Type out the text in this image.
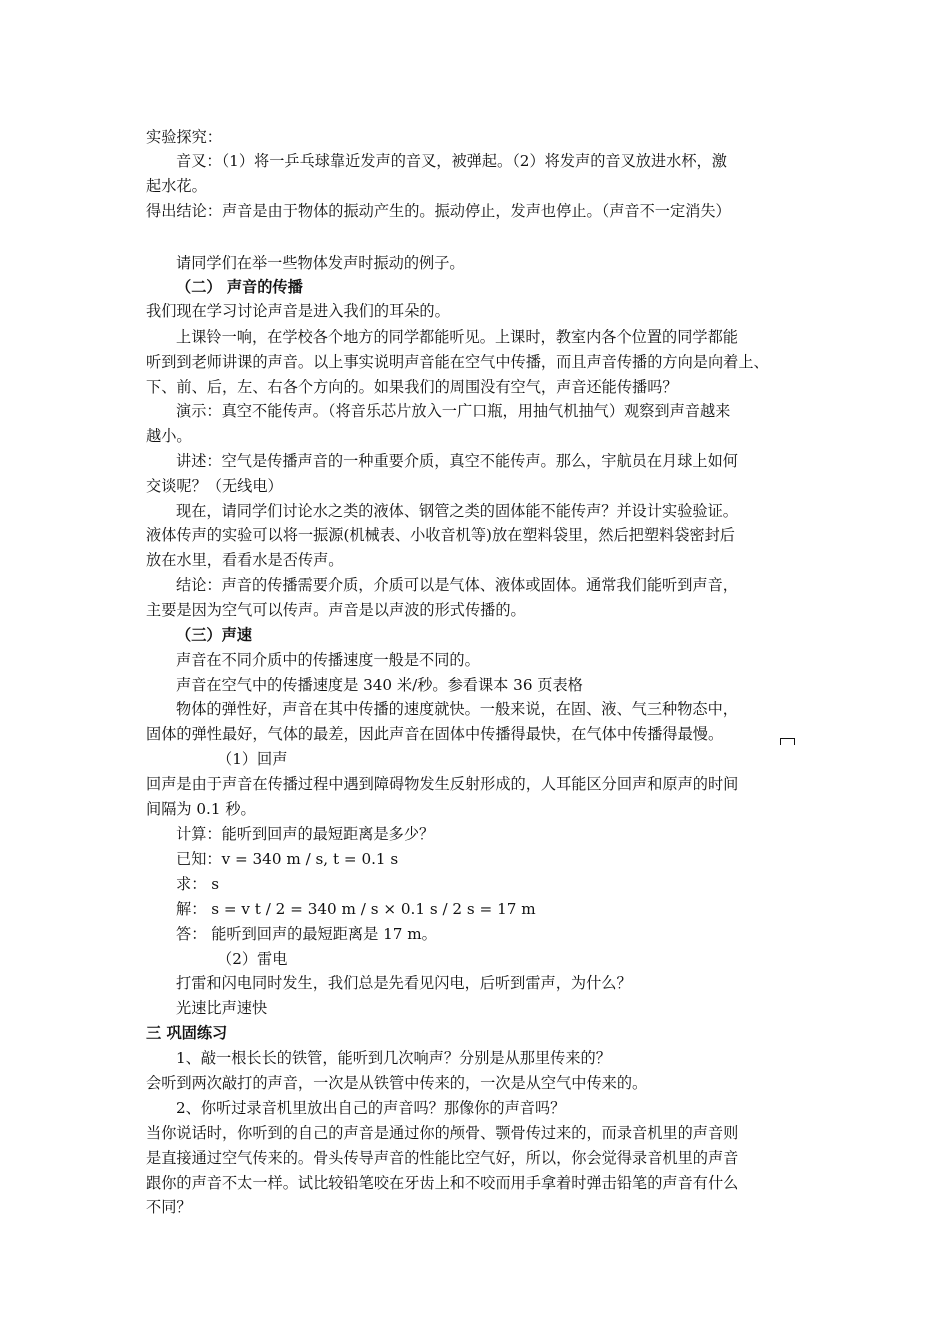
实验探究：
音叉：（1）将一乒乓球靠近发声的音叉，被弹起。（2）将发声的音叉放进水杯，激
起水花。
得出结论：声音是由于物体的振动产生的。振动停止，发声也停止。（声音不一定消失）
请同学们在举一些物体发声时振动的例子。
（二） 声音的传播
我们现在学习讨论声音是进入我们的耳朵的。
上课铃一响，在学校各个地方的同学都能听见。上课时，教室内各个位置的同学都能
听到到老师讲课的声音。以上事实说明声音能在空气中传播，而且声音传播的方向是向着上、
下、前、后，左、右各个方向的。如果我们的周围没有空气，声音还能传播吗？
演示：真空不能传声。（将音乐芯片放入一广口瓶，用抽气机抽气）观察到声音越来
越小。
讲述：空气是传播声音的一种重要介质，真空不能传声。那么，宇航员在月球上如何
交谈呢？（无线电）
现在，请同学们讨论水之类的液体、钢管之类的固体能不能传声？并设计实验验证。
液体传声的实验可以将一振源(机械表、小收音机等)放在塑料袋里，然后把塑料袋密封后
放在水里，看看水是否传声。
结论：声音的传播需要介质，介质可以是气体、液体或固体。通常我们能听到声音，
主要是因为空气可以传声。声音是以声波的形式传播的。
（三）声速
声音在不同介质中的传播速度一般是不同的。
声音在空气中的传播速度是 340 米/秒。参看课本 36 页表格
物体的弹性好，声音在其中传播的速度就快。一般来说，在固、液、气三种物态中，
固体的弹性最好，气体的最差，因此声音在固体中传播得最快，在气体中传播得最慢。
（1）回声
回声是由于声音在传播过程中遇到障碍物发生反射形成的，人耳能区分回声和原声的时间
间隔为 0.1 秒。
计算：能听到回声的最短距离是多少？
已知：v = 340 m / s, t = 0.1 s
求： s
解： s = v t / 2 = 340 m / s × 0.1 s / 2 s = 17 m
答： 能听到回声的最短距离是 17 m。
（2）雷电
打雷和闪电同时发生，我们总是先看见闪电，后听到雷声，为什么？
光速比声速快
三 巩固练习
1、敲一根长长的铁管，能听到几次响声？分别是从那里传来的？
会听到两次敲打的声音，一次是从铁管中传来的，一次是从空气中传来的。
2、你听过录音机里放出自己的声音吗？那像你的声音吗？
当你说话时，你听到的自己的声音是通过你的颅骨、颚骨传过来的，而录音机里的声音则
是直接通过空气传来的。骨头传导声音的性能比空气好，所以，你会觉得录音机里的声音
跟你的声音不太一样。试比较铅笔咬在牙齿上和不咬而用手拿着时弹击铅笔的声音有什么
不同？
